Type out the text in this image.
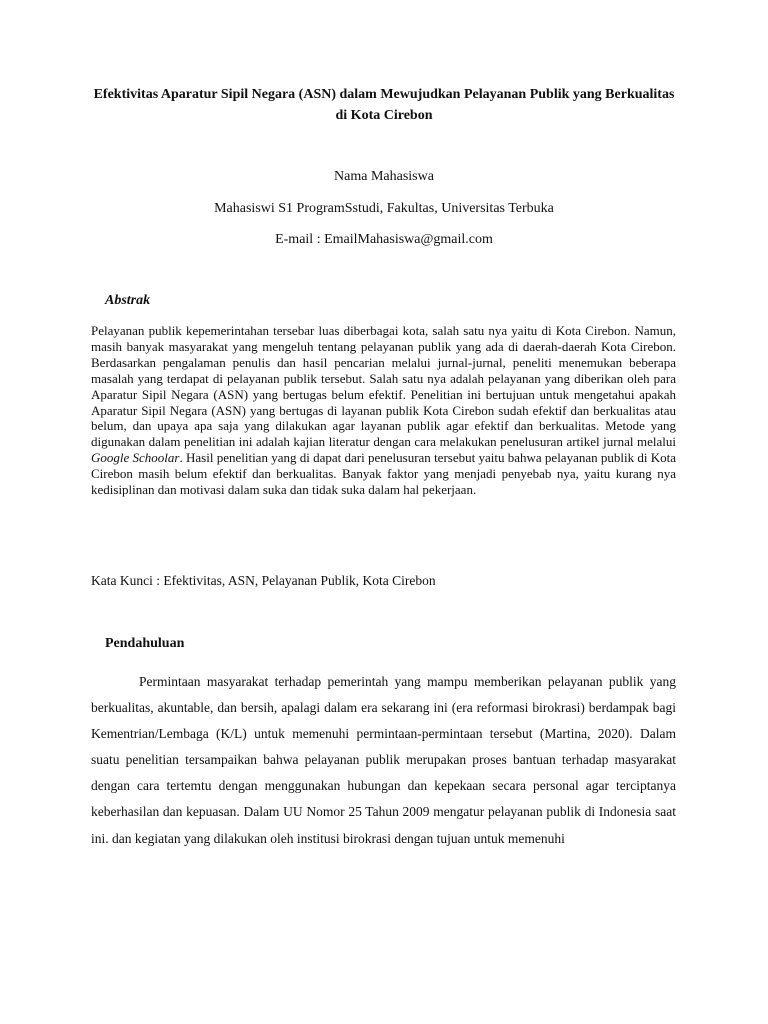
Efektivitas Aparatur Sipil Negara (ASN) dalam Mewujudkan Pelayanan Publik yang Berkualitas di Kota Cirebon

Nama Mahasiswa

Mahasiswi S1 ProgramSstudi, Fakultas, Universitas Terbuka

E-mail : EmailMahasiswa@gmail.com

Abstrak

Pelayanan publik kepemerintahan tersebar luas diberbagai kota, salah satu nya yaitu di Kota Cirebon. Namun, masih banyak masyarakat yang mengeluh tentang pelayanan publik yang ada di daerah-daerah Kota Cirebon. Berdasarkan pengalaman penulis dan hasil pencarian melalui jurnal-jurnal, peneliti menemukan beberapa masalah yang terdapat di pelayanan publik tersebut. Salah satu nya adalah pelayanan yang diberikan oleh para Aparatur Sipil Negara (ASN) yang bertugas belum efektif. Penelitian ini bertujuan untuk mengetahui apakah Aparatur Sipil Negara (ASN) yang bertugas di layanan publik Kota Cirebon sudah efektif dan berkualitas atau belum, dan upaya apa saja yang dilakukan agar layanan publik agar efektif dan berkualitas. Metode yang digunakan dalam penelitian ini adalah kajian literatur dengan cara melakukan penelusuran artikel jurnal melalui Google Schoolar. Hasil penelitian yang di dapat dari penelusuran tersebut yaitu bahwa pelayanan publik di Kota Cirebon masih belum efektif dan berkualitas. Banyak faktor yang menjadi penyebab nya, yaitu kurang nya kedisiplinan dan motivasi dalam suka dan tidak suka dalam hal pekerjaan.

Kata Kunci : Efektivitas, ASN, Pelayanan Publik, Kota Cirebon

Pendahuluan

Permintaan masyarakat terhadap pemerintah yang mampu memberikan pelayanan publik yang berkualitas, akuntable, dan bersih, apalagi dalam era sekarang ini (era reformasi birokrasi) berdampak bagi Kementrian/Lembaga (K/L) untuk memenuhi permintaan-permintaan tersebut (Martina, 2020). Dalam suatu penelitian tersampaikan bahwa pelayanan publik merupakan proses bantuan terhadap masyarakat dengan cara tertemtu dengan menggunakan hubungan dan kepekaan secara personal agar terciptanya keberhasilan dan kepuasan. Dalam UU Nomor 25 Tahun 2009 mengatur pelayanan publik di Indonesia saat ini. dan kegiatan yang dilakukan oleh institusi birokrasi dengan tujuan untuk memenuhi
